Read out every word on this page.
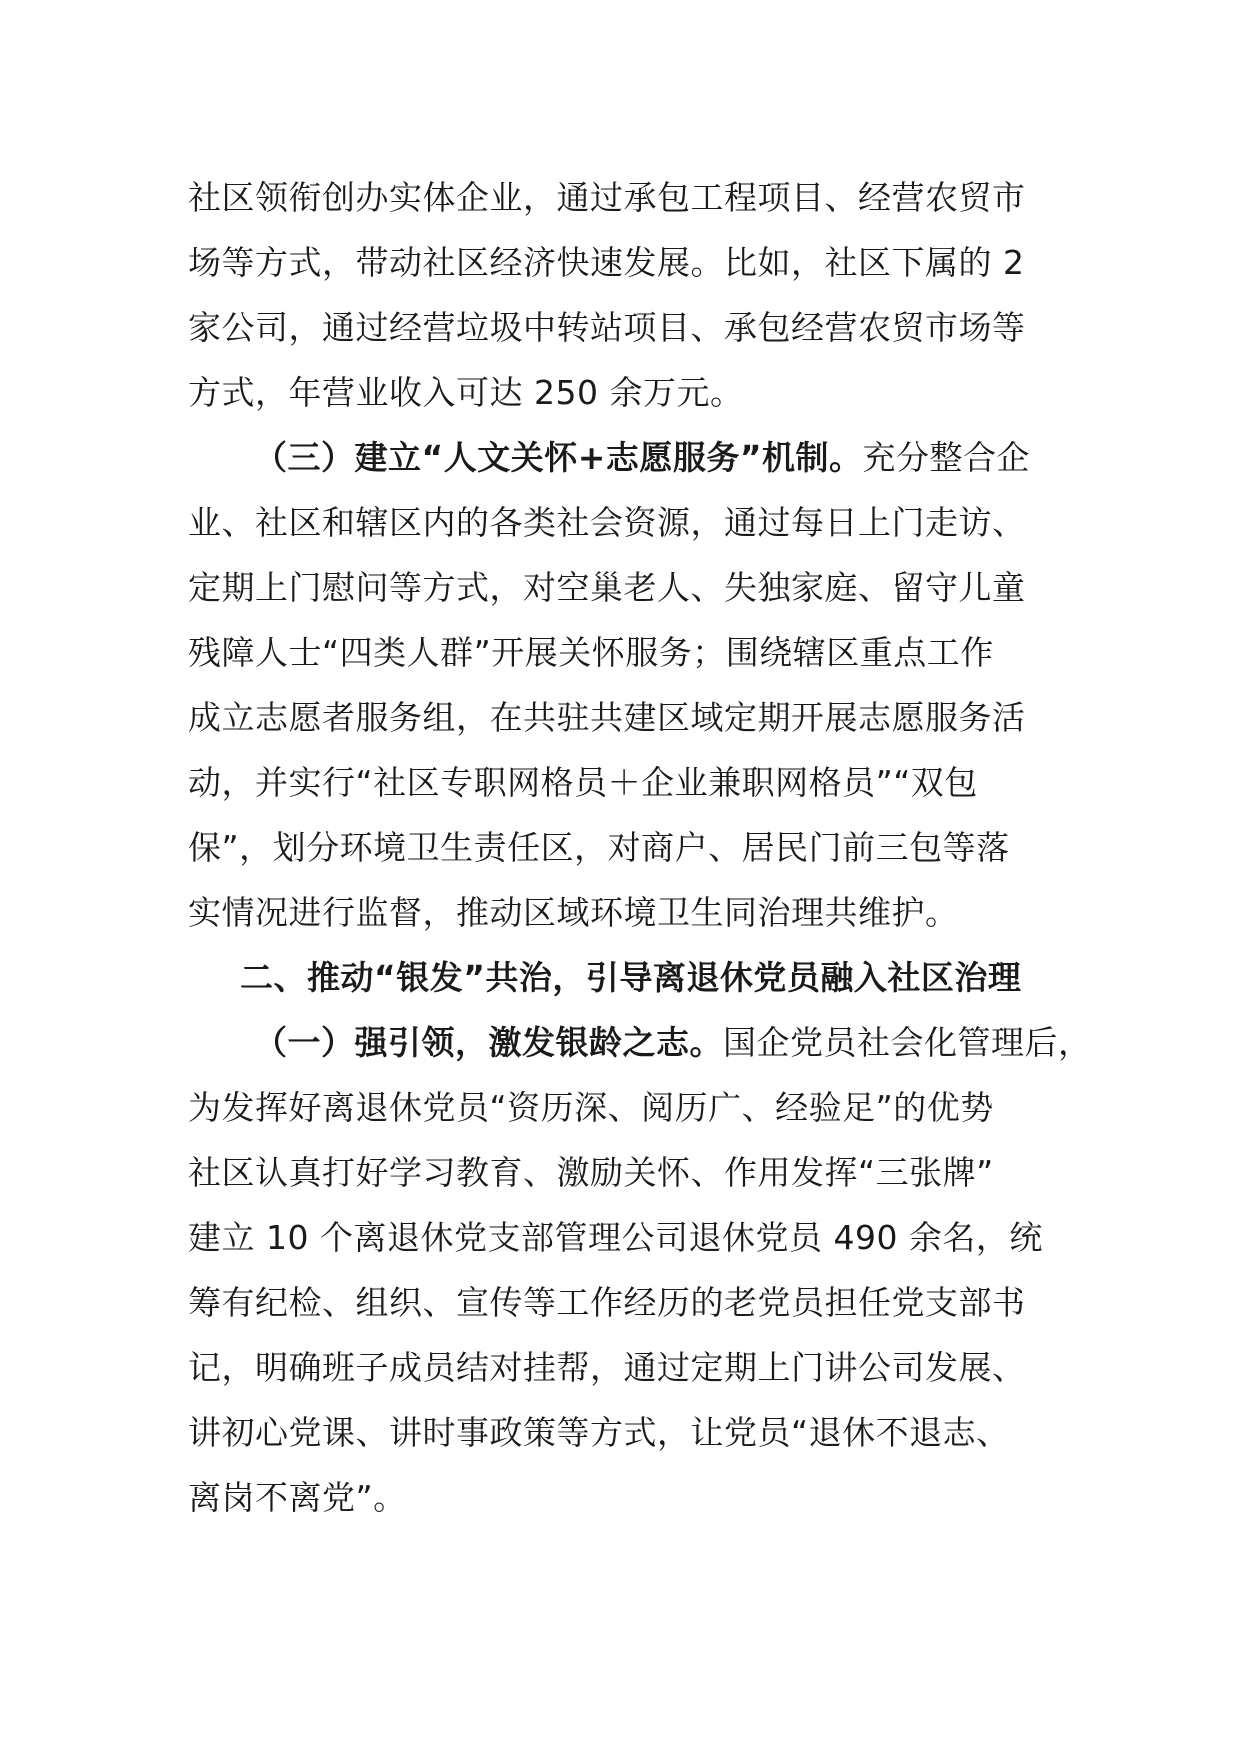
社区领衔创办实体企业，通过承包工程项目、经营农贸市
场等方式，带动社区经济快速发展。比如，社区下属的 2
家公司，通过经营垃圾中转站项目、承包经营农贸市场等
方式，年营业收入可达 250 余万元。
（三）建立“人文关怀+志愿服务”机制。充分整合企
业、社区和辖区内的各类社会资源，通过每日上门走访、
定期上门慰问等方式，对空巢老人、失独家庭、留守儿童
残障人士“四类人群”开展关怀服务；围绕辖区重点工作
成立志愿者服务组，在共驻共建区域定期开展志愿服务活
动，并实行“社区专职网格员＋企业兼职网格员”“双包
保”，划分环境卫生责任区，对商户、居民门前三包等落
实情况进行监督，推动区域环境卫生同治理共维护。
二、推动“银发”共治，引导离退休党员融入社区治理
（一）强引领，激发银龄之志。国企党员社会化管理后，
为发挥好离退休党员“资历深、阅历广、经验足”的优势
社区认真打好学习教育、激励关怀、作用发挥“三张牌”
建立 10 个离退休党支部管理公司退休党员 490 余名，统
筹有纪检、组织、宣传等工作经历的老党员担任党支部书
记，明确班子成员结对挂帮，通过定期上门讲公司发展、
讲初心党课、讲时事政策等方式，让党员“退休不退志、
离岗不离党”。
